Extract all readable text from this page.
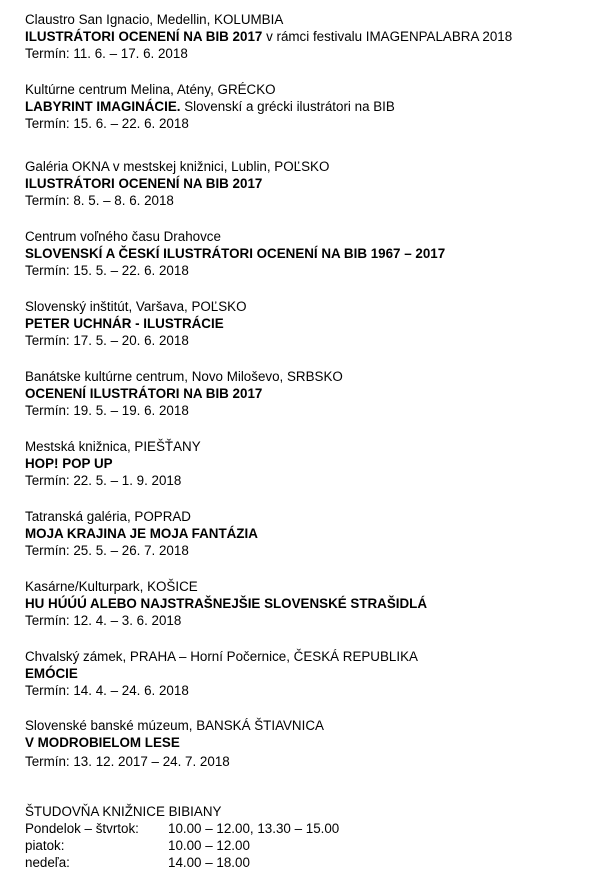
Claustro San Ignacio, Medellin, KOLUMBIA
ILUSTRÁTORI OCENENÍ NA BIB 2017 v rámci festivalu IMAGENPALABRA 2018
Termín: 11. 6. – 17. 6. 2018
Kultúrne centrum Melina, Atény, GRÉCKO
LABYRINT IMAGINÁCIE. Slovenskí a grécki ilustrátori na BIB
Termín: 15. 6. – 22. 6. 2018
Galéria OKNA v mestskej knižnici, Lublin, POĽSKO
ILUSTRÁTORI OCENENÍ NA BIB 2017
Termín: 8. 5. – 8. 6. 2018
Centrum voľného času Drahovce
SLOVENSKÍ A ČESKÍ ILUSTRÁTORI OCENENÍ NA BIB 1967 – 2017
Termín: 15. 5. – 22. 6. 2018
Slovenský inštitút, Varšava, POĽSKO
PETER UCHNÁR - ILUSTRÁCIE
Termín: 17. 5. – 20. 6. 2018
Banátske kultúrne centrum, Novo Miloševo, SRBSKO
OCENENÍ ILUSTRÁTORI NA BIB 2017
Termín: 19. 5. – 19. 6. 2018
Mestská knižnica, PIEŠŤANY
HOP! POP UP
Termín: 22. 5. – 1. 9. 2018
Tatranská galéria, POPRAD
MOJA KRAJINA JE MOJA FANTÁZIA
Termín: 25. 5. – 26. 7. 2018
Kasárne/Kulturpark, KOŠICE
HU HÚÚÚ ALEBO NAJSTRAŠNEJŠIE SLOVENSKÉ STRAŠIDLÁ
Termín: 12. 4. – 3. 6. 2018
Chvalský zámek, PRAHA – Horní Počernice, ČESKÁ REPUBLIKA
EMÓCIE
Termín: 14. 4. – 24. 6. 2018
Slovenské banské múzeum, BANSKÁ ŠTIAVNICA
V MODROBIELOM LESE
Termín: 13. 12. 2017 – 24. 7. 2018
ŠTUDOVŇA KNIŽNICE BIBIANY
Pondelok – štvrtok: 10.00 – 12.00, 13.30 – 15.00
piatok:	10.00 – 12.00
nedeľa:	14.00 – 18.00
